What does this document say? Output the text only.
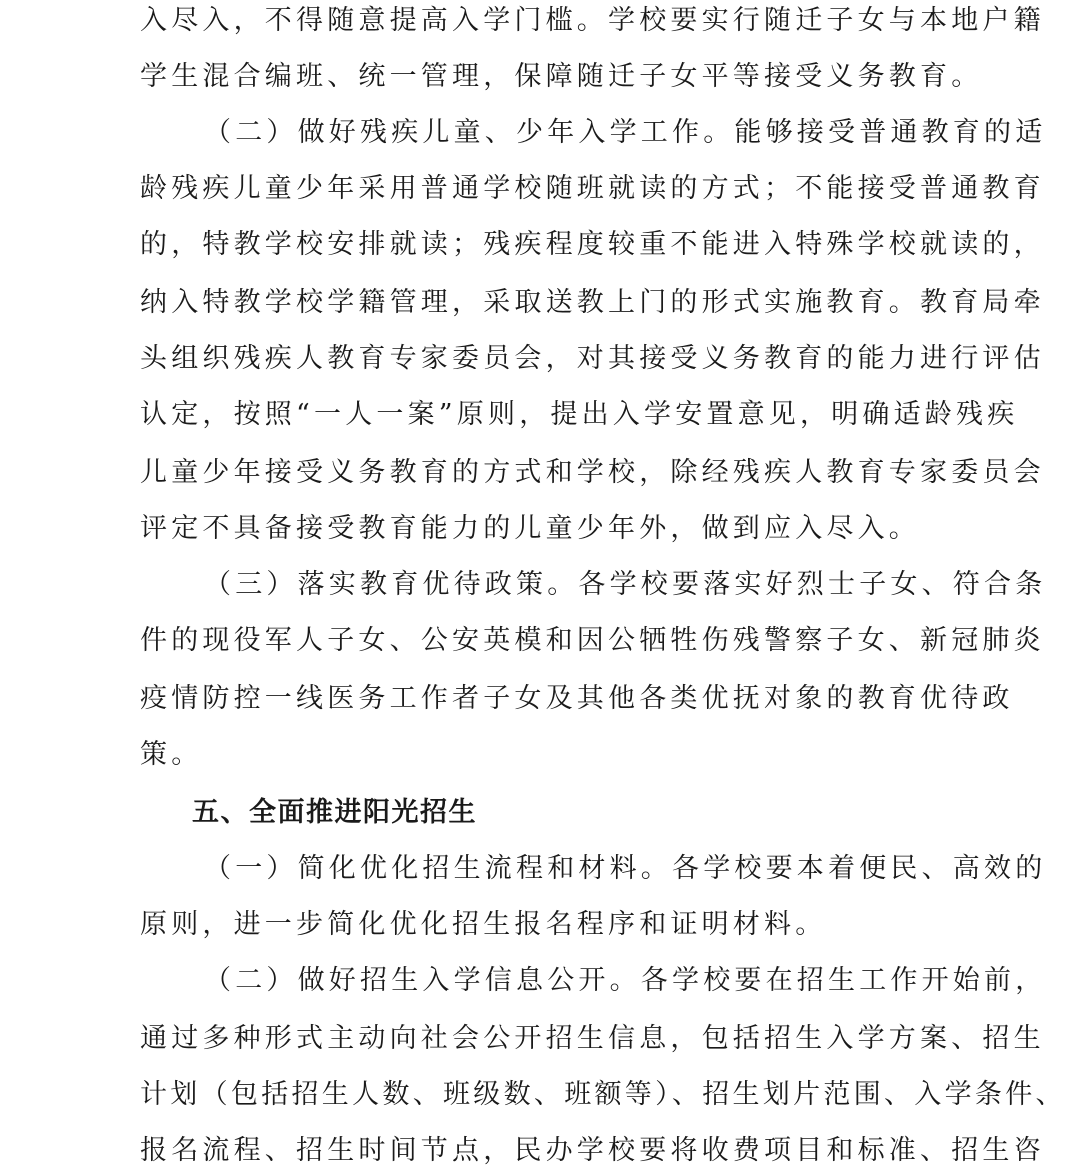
入尽入，不得随意提高入学门槛。学校要实行随迁子女与本地户籍
学生混合编班、统一管理，保障随迁子女平等接受义务教育。
（二）做好残疾儿童、少年入学工作。能够接受普通教育的适
龄残疾儿童少年采用普通学校随班就读的方式；不能接受普通教育
的，特教学校安排就读；残疾程度较重不能进入特殊学校就读的，
纳入特教学校学籍管理，采取送教上门的形式实施教育。教育局牵
头组织残疾人教育专家委员会，对其接受义务教育的能力进行评估
认定，按照“一人一案”原则，提出入学安置意见，明确适龄残疾
儿童少年接受义务教育的方式和学校，除经残疾人教育专家委员会
评定不具备接受教育能力的儿童少年外，做到应入尽入。
（三）落实教育优待政策。各学校要落实好烈士子女、符合条
件的现役军人子女、公安英模和因公牺牲伤残警察子女、新冠肺炎
疫情防控一线医务工作者子女及其他各类优抚对象的教育优待政
策。
五、全面推进阳光招生
（一）简化优化招生流程和材料。各学校要本着便民、高效的
原则，进一步简化优化招生报名程序和证明材料。
（二）做好招生入学信息公开。各学校要在招生工作开始前，
通过多种形式主动向社会公开招生信息，包括招生入学方案、招生
计划（包括招生人数、班级数、班额等）、招生划片范围、入学条件、
报名流程、招生时间节点，民办学校要将收费项目和标准、招生咨
